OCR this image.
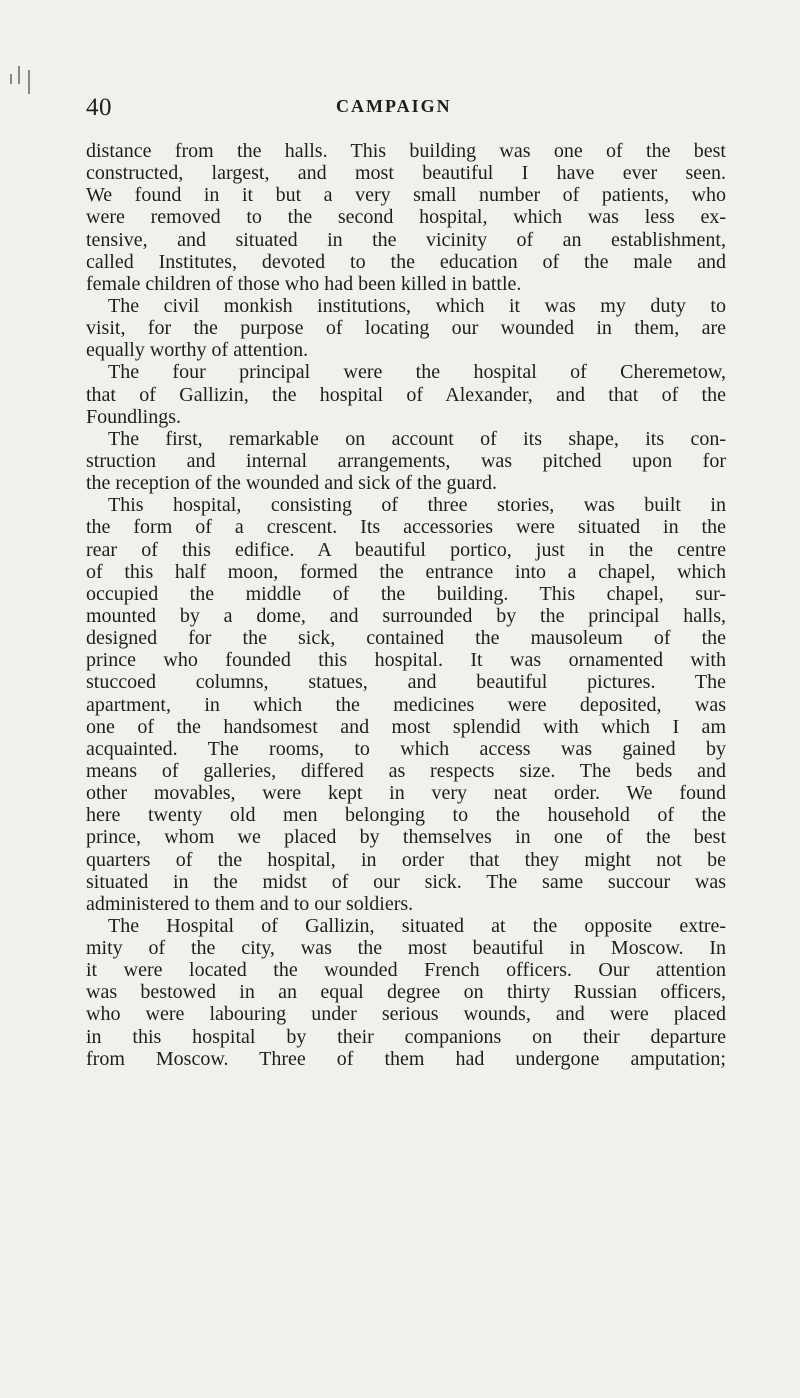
40	CAMPAIGN
distance from the halls. This building was one of the best
constructed, largest, and most beautiful I have ever seen.
We found in it but a very small number of patients, who
were removed to the second hospital, which was less ex-
tensive, and situated in the vicinity of an establishment,
called Institutes, devoted to the education of the male and
female children of those who had been killed in battle.
The civil monkish institutions, which it was my duty to
visit, for the purpose of locating our wounded in them, are
equally worthy of attention.
The four principal were the hospital of Cheremetow,
that of Gallizin, the hospital of Alexander, and that of the
Foundlings.
The first, remarkable on account of its shape, its con-
struction and internal arrangements, was pitched upon for
the reception of the wounded and sick of the guard.
This hospital, consisting of three stories, was built in
the form of a crescent. Its accessories were situated in the
rear of this edifice. A beautiful portico, just in the centre
of this half moon, formed the entrance into a chapel, which
occupied the middle of the building. This chapel, sur-
mounted by a dome, and surrounded by the principal halls,
designed for the sick, contained the mausoleum of the
prince who founded this hospital. It was ornamented with
stuccoed columns, statues, and beautiful pictures. The
apartment, in which the medicines were deposited, was
one of the handsomest and most splendid with which I am
acquainted. The rooms, to which access was gained by
means of galleries, differed as respects size. The beds and
other movables, were kept in very neat order. We found
here twenty old men belonging to the household of the
prince, whom we placed by themselves in one of the best
quarters of the hospital, in order that they might not be
situated in the midst of our sick. The same succour was
administered to them and to our soldiers.
The Hospital of Gallizin, situated at the opposite extre-
mity of the city, was the most beautiful in Moscow. In
it were located the wounded French officers. Our attention
was bestowed in an equal degree on thirty Russian officers,
who were labouring under serious wounds, and were placed
in this hospital by their companions on their departure
from Moscow. Three of them had undergone amputation;
